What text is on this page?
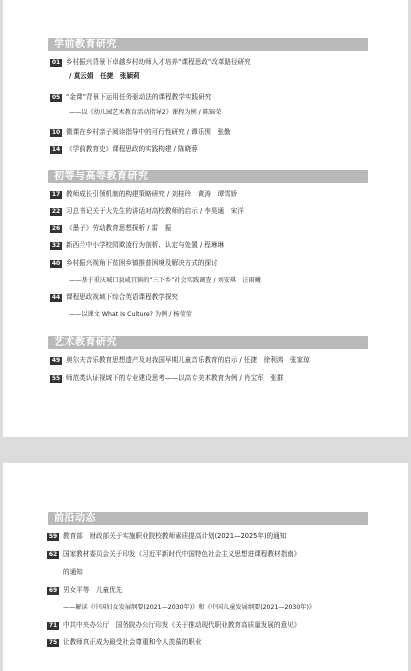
学前教育研究
01 乡村振兴背景下卓越乡村幼师人才培养“课程思政”改革路径研究
/ 莫云娟　任捷　张颖莉
05 “金课”背景下运用任务驱动法的课程教学实践研究
——以《幼儿园艺术教育活动指导2》课程为例 / 陈锦荣
10 微课在乡村亲子阅读指导中的可行性研究 / 谭乐围　张勤
14 《学前教育史》课程思政的实践构建 / 陈晓蓉
初等与高等教育研究
17 教师成长引领机制的构建策略研究 / 刘桂玲　黄涛　谭雪娇
22 习总书记关于大先生的讲话对高校教师的启示 / 李昊通　宋洋
26 《墨子》劳动教育思想探析 / 雷　振
32 新西兰中小学校园欺凌行为剖析、认定与处置 / 程琳琳
40 乡村振兴视角下贫困乡镇推普困境及解决方式的探讨
——基于重庆城口县咸宜镇的“三下乡”社会实践调查 / 刘安琪　汪雨曦
44 课程思政视域下综合英语课程教学探究
——以课文 What Is Culture? 为例 / 杨莹莹
艺术教育研究
49 奥尔夫音乐教育思想遗产及对我国早期儿童音乐教育的启示 / 任捷　徐利鸿　张家琼
55 师范类认证视域下的专业建设思考——以高专美术教育为例 / 肖宝军　张群
前沿动态
59 教育部　财政部关于实施职业院校教师素质提高计划(2021—2025年)的通知
62 国家教材委员会关于印发《习近平新时代中国特色社会主义思想进课程教材指南》
的通知
69 男女平等　儿童优先
——解读《中国妇女发展纲要(2021—2030年)》和《中国儿童发展纲要(2021—2030年)》
71 中共中央办公厅　国务院办公厅印发《关于推动现代职业教育高质量发展的意见》
75 让教师真正成为最受社会尊重和令人羡慕的职业
